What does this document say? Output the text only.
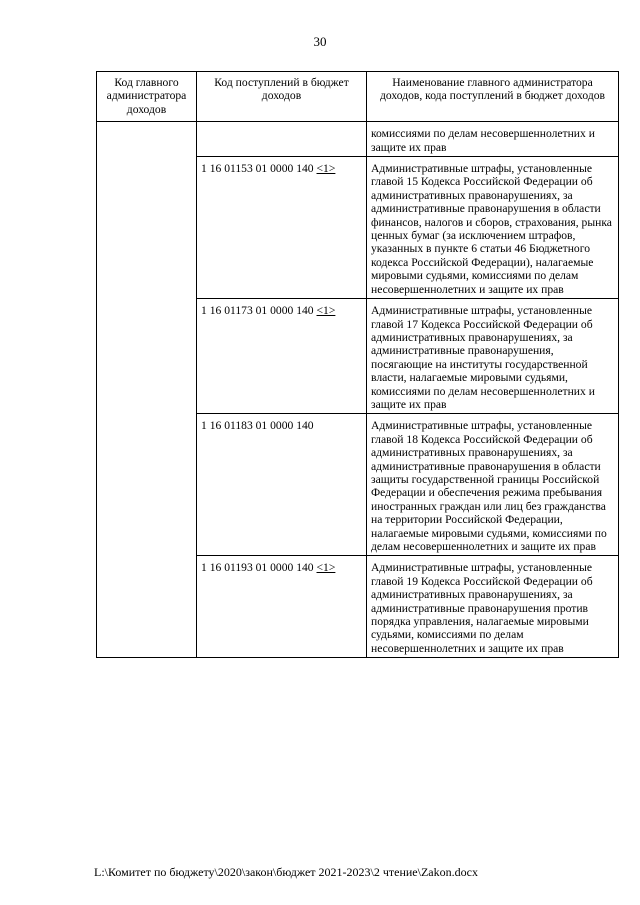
30
Код главного администратора доходов	Код поступлений в бюджет доходов	Наименование главного администратора доходов, кода поступлений в бюджет доходов
		комиссиями по делам несовершеннолетних и защите их прав
	1 16 01153 01 0000 140 <1>	Административные штрафы, установленные главой 15 Кодекса Российской Федерации об административных правонарушениях, за административные правонарушения в области финансов, налогов и сборов, страхования, рынка ценных бумаг (за исключением штрафов, указанных в пункте 6 статьи 46 Бюджетного кодекса Российской Федерации), налагаемые мировыми судьями, комиссиями по делам несовершеннолетних и защите их прав
	1 16 01173 01 0000 140 <1>	Административные штрафы, установленные главой 17 Кодекса Российской Федерации об административных правонарушениях, за административные правонарушения, посягающие на институты государственной власти, налагаемые мировыми судьями, комиссиями по делам несовершеннолетних и защите их прав
	1 16 01183 01 0000 140	Административные штрафы, установленные главой 18 Кодекса Российской Федерации об административных правонарушениях, за административные правонарушения в области защиты государственной границы Российской Федерации и обеспечения режима пребывания иностранных граждан или лиц без гражданства на территории Российской Федерации, налагаемые мировыми судьями, комиссиями по делам несовершеннолетних и защите их прав
	1 16 01193 01 0000 140 <1>	Административные штрафы, установленные главой 19 Кодекса Российской Федерации об административных правонарушениях, за административные правонарушения против порядка управления, налагаемые мировыми судьями, комиссиями по делам несовершеннолетних и защите их прав
L:\Комитет по бюджету\2020\закон\бюджет 2021-2023\2 чтение\Zakon.docx
